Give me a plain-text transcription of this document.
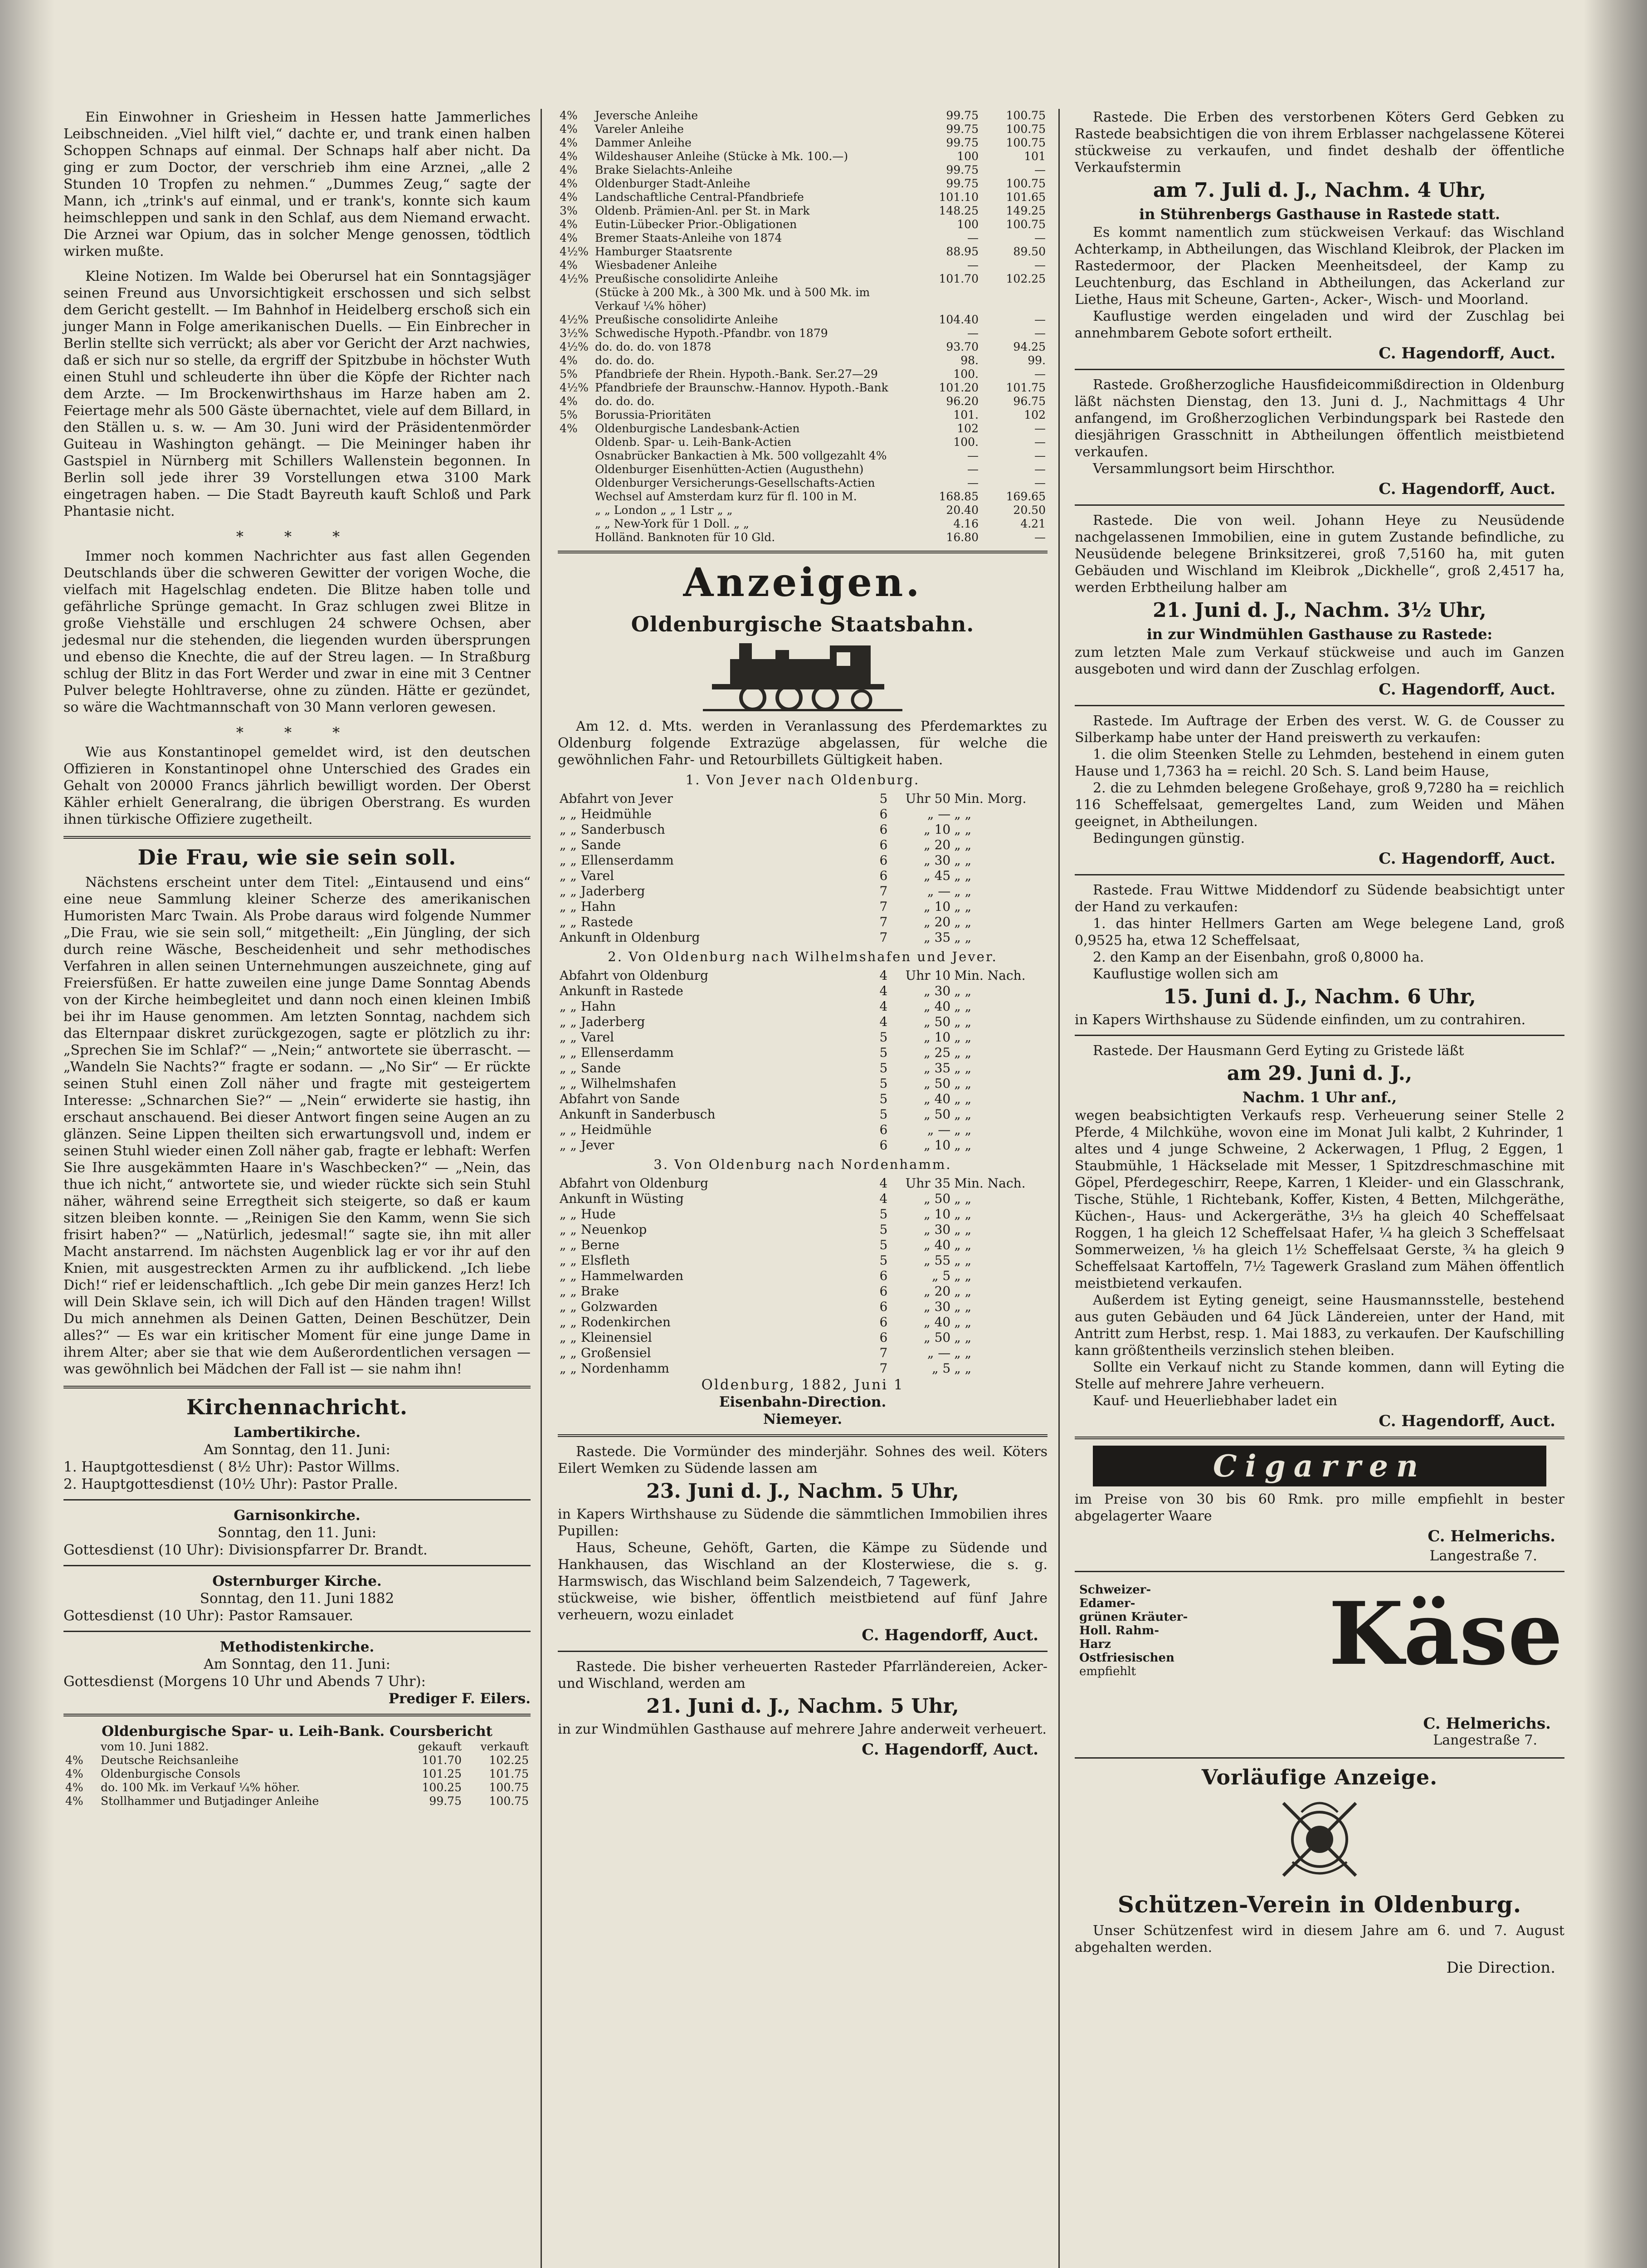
Ein Einwohner in Griesheim in Hessen hatte Jammerliches Leibschneiden. „Viel hilft viel,“ dachte er, und trank einen halben Schoppen Schnaps auf einmal. Der Schnaps half aber nicht. Da ging er zum Doctor, der verschrieb ihm eine Arznei, „alle 2 Stunden 10 Tropfen zu nehmen.“ „Dummes Zeug,“ sagte der Mann, ich „trink's auf einmal, und er trank's, konnte sich kaum heimschleppen und sank in den Schlaf, aus dem Niemand erwacht. Die Arznei war Opium, das in solcher Menge genossen, tödtlich wirken mußte.

Kleine Notizen. Im Walde bei Oberursel hat ein Sonntagsjäger seinen Freund aus Unvorsichtigkeit erschossen und sich selbst dem Gericht gestellt. — Im Bahnhof in Heidelberg erschoß sich ein junger Mann in Folge amerikanischen Duells. — Ein Einbrecher in Berlin stellte sich verrückt; als aber vor Gericht der Arzt nachwies, daß er sich nur so stelle, da ergriff der Spitzbube in höchster Wuth einen Stuhl und schleuderte ihn über die Köpfe der Richter nach dem Arzte. — Im Brockenwirthshaus im Harze haben am 2. Feiertage mehr als 500 Gäste übernachtet, viele auf dem Billard, in den Ställen u. s. w. — Am 30. Juni wird der Präsidentenmörder Guiteau in Washington gehängt. — Die Meininger haben ihr Gastspiel in Nürnberg mit Schillers Wallenstein begonnen. In Berlin soll jede ihrer 39 Vorstellungen etwa 3100 Mark eingetragen haben. — Die Stadt Bayreuth kauft Schloß und Park Phantasie nicht.

* * *

Immer noch kommen Nachrichter aus fast allen Gegenden Deutschlands über die schweren Gewitter der vorigen Woche, die vielfach mit Hagelschlag endeten. Die Blitze haben tolle und gefährliche Sprünge gemacht. In Graz schlugen zwei Blitze in große Viehställe und erschlugen 24 schwere Ochsen, aber jedesmal nur die stehenden, die liegenden wurden übersprungen und ebenso die Knechte, die auf der Streu lagen. — In Straßburg schlug der Blitz in das Fort Werder und zwar in eine mit 3 Centner Pulver belegte Hohltraverse, ohne zu zünden. Hätte er gezündet, so wäre die Wachtmannschaft von 30 Mann verloren gewesen.

* * *

Wie aus Konstantinopel gemeldet wird, ist den deutschen Offizieren in Konstantinopel ohne Unterschied des Grades ein Gehalt von 20000 Francs jährlich bewilligt worden. Der Oberst Kähler erhielt Generalrang, die übrigen Oberstrang. Es wurden ihnen türkische Offiziere zugetheilt.

Die Frau, wie sie sein soll.

Nächstens erscheint unter dem Titel: „Eintausend und eins“ eine neue Sammlung kleiner Scherze des amerikanischen Humoristen Marc Twain. Als Probe daraus wird folgende Nummer „Die Frau, wie sie sein soll,“ mitgetheilt: „Ein Jüngling, der sich durch reine Wäsche, Bescheidenheit und sehr methodisches Verfahren in allen seinen Unternehmungen auszeichnete, ging auf Freiersfüßen. Er hatte zuweilen eine junge Dame Sonntag Abends von der Kirche heimbegleitet und dann noch einen kleinen Imbiß bei ihr im Hause genommen. Am letzten Sonntag, nachdem sich das Elternpaar diskret zurückgezogen, sagte er plötzlich zu ihr: „Sprechen Sie im Schlaf?“ — „Nein;“ antwortete sie überrascht. — „Wandeln Sie Nachts?“ fragte er sodann. — „No Sir“ — Er rückte seinen Stuhl einen Zoll näher und fragte mit gesteigertem Interesse: „Schnarchen Sie?“ — „Nein“ erwiderte sie hastig, ihn erschaut anschauend. Bei dieser Antwort fingen seine Augen an zu glänzen. Seine Lippen theilten sich erwartungsvoll und, indem er seinen Stuhl wieder einen Zoll näher gab, fragte er lebhaft: Werfen Sie Ihre ausgekämmten Haare in's Waschbecken?“ — „Nein, das thue ich nicht,“ antwortete sie, und wieder rückte sich sein Stuhl näher, während seine Erregtheit sich steigerte, so daß er kaum sitzen bleiben konnte. — „Reinigen Sie den Kamm, wenn Sie sich frisirt haben?“ — „Natürlich, jedesmal!“ sagte sie, ihn mit aller Macht anstarrend. Im nächsten Augenblick lag er vor ihr auf den Knien, mit ausgestreckten Armen zu ihr aufblickend. „Ich liebe Dich!“ rief er leidenschaftlich. „Ich gebe Dir mein ganzes Herz! Ich will Dein Sklave sein, ich will Dich auf den Händen tragen! Willst Du mich annehmen als Deinen Gatten, Deinen Beschützer, Dein alles?“ — Es war ein kritischer Moment für eine junge Dame in ihrem Alter; aber sie that wie dem Außerordentlichen versagen — was gewöhnlich bei Mädchen der Fall ist — sie nahm ihn!

Kirchennachricht.

Lambertikirche.

Am Sonntag, den 11. Juni:

1. Hauptgottesdienst ( 8½ Uhr): Pastor Willms.

2. Hauptgottesdienst (10½ Uhr): Pastor Pralle.

Garnisonkirche.

Sonntag, den 11. Juni:

Gottesdienst (10 Uhr): Divisionspfarrer Dr. Brandt.

Osternburger Kirche.

Sonntag, den 11. Juni 1882

Gottesdienst (10 Uhr): Pastor Ramsauer.

Methodistenkirche.

Am Sonntag, den 11. Juni:

Gottesdienst (Morgens 10 Uhr und Abends 7 Uhr):

Prediger F. Eilers.

Oldenburgische Spar- u. Leih-Bank. Coursbericht

	vom 10. Juni 1882.	gekauft	verkauft
4%	Deutsche Reichsanleihe	101.70	102.25
4%	Oldenburgische Consols	101.25	101.75
4%	do. 100 Mk. im Verkauf ¼% höher.	100.25	100.75
4%	Stollhammer und Butjadinger Anleihe	99.75	100.75
4%	Jeversche Anleihe	99.75	100.75
4%	Vareler Anleihe	99.75	100.75
4%	Dammer Anleihe	99.75	100.75
4%	Wildeshauser Anleihe (Stücke à Mk. 100.—)	100	101
4%	Brake Sielachts-Anleihe	99.75	—
4%	Oldenburger Stadt-Anleihe	99.75	100.75
4%	Landschaftliche Central-Pfandbriefe	101.10	101.65
3%	Oldenb. Prämien-Anl. per St. in Mark	148.25	149.25
4%	Eutin-Lübecker Prior.-Obligationen	100	100.75
4%	Bremer Staats-Anleihe von 1874	—	—
4½%	Hamburger Staatsrente	88.95	89.50
4%	Wiesbadener Anleihe	—	—
4½%	Preußische consolidirte Anleihe	101.70	102.25
	(Stücke à 200 Mk., à 300 Mk. und à 500 Mk. im Verkauf ¼% höher)		
4½%	Preußische consolidirte Anleihe	104.40	—
3½%	Schwedische Hypoth.-Pfandbr. von 1879	—	—
4½%	do. do. do. von 1878	93.70	94.25
4%	do. do. do.	98.	99.
5%	Pfandbriefe der Rhein. Hypoth.-Bank. Ser.27—29	100.	—
4½%	Pfandbriefe der Braunschw.-Hannov. Hypoth.-Bank	101.20	101.75
4%	do. do. do.	96.20	96.75
5%	Borussia-Prioritäten	101.	102
4%	Oldenburgische Landesbank-Actien	102	—
	Oldenb. Spar- u. Leih-Bank-Actien	100.	—
	Osnabrücker Bankactien à Mk. 500 vollgezahlt 4%	—	—
	Oldenburger Eisenhütten-Actien (Augusthehn)	—	—
	Oldenburger Versicherungs-Gesellschafts-Actien	—	—
	Wechsel auf Amsterdam kurz für fl. 100 in M.	168.85	169.65
	„ „ London „ „ 1 Lstr „ „	20.40	20.50
	„ „ New-York für 1 Doll. „ „	4.16	4.21
	Holländ. Banknoten für 10 Gld.	16.80	—
Anzeigen.
Oldenburgische Staatsbahn.

Am 12. d. Mts. werden in Veranlassung des Pferdemarktes zu Oldenburg folgende Extrazüge abgelassen, für welche die gewöhnlichen Fahr- und Retourbillets Gültigkeit haben.

1. Von Jever nach Oldenburg.
Abfahrt von Jever	5	Uhr 50	Min. Morg.
„ „ Heidmühle	6	„ —	„ „
„ „ Sanderbusch	6	„ 10	„ „
„ „ Sande	6	„ 20	„ „
„ „ Ellenserdamm	6	„ 30	„ „
„ „ Varel	6	„ 45	„ „
„ „ Jaderberg	7	„ —	„ „
„ „ Hahn	7	„ 10	„ „
„ „ Rastede	7	„ 20	„ „
Ankunft in Oldenburg	7	„ 35	„ „
2. Von Oldenburg nach Wilhelmshafen und Jever.
Abfahrt von Oldenburg	4	Uhr 10	Min. Nach.
Ankunft in Rastede	4	„ 30	„ „
„ „ Hahn	4	„ 40	„ „
„ „ Jaderberg	4	„ 50	„ „
„ „ Varel	5	„ 10	„ „
„ „ Ellenserdamm	5	„ 25	„ „
„ „ Sande	5	„ 35	„ „
„ „ Wilhelmshafen	5	„ 50	„ „
Abfahrt von Sande	5	„ 40	„ „
Ankunft in Sanderbusch	5	„ 50	„ „
„ „ Heidmühle	6	„ —	„ „
„ „ Jever	6	„ 10	„ „
3. Von Oldenburg nach Nordenhamm.
Abfahrt von Oldenburg	4	Uhr 35	Min. Nach.
Ankunft in Wüsting	4	„ 50	„ „
„ „ Hude	5	„ 10	„ „
„ „ Neuenkop	5	„ 30	„ „
„ „ Berne	5	„ 40	„ „
„ „ Elsfleth	5	„ 55	„ „
„ „ Hammelwarden	6	„ 5	„ „
„ „ Brake	6	„ 20	„ „
„ „ Golzwarden	6	„ 30	„ „
„ „ Rodenkirchen	6	„ 40	„ „
„ „ Kleinensiel	6	„ 50	„ „
„ „ Großensiel	7	„ —	„ „
„ „ Nordenhamm	7	„ 5	„ „

Oldenburg, 1882, Juni 1

Eisenbahn-Direction.

Niemeyer.

Rastede. Die Vormünder des minderjähr. Sohnes des weil. Köters Eilert Wemken zu Südende lassen am

23. Juni d. J., Nachm. 5 Uhr,

in Kapers Wirthshause zu Südende die sämmtlichen Immobilien ihres Pupillen:

Haus, Scheune, Gehöft, Garten, die Kämpe zu Südende und Hankhausen, das Wischland an der Klosterwiese, die s. g. Harmswisch, das Wischland beim Salzendeich, 7 Tagewerk,

stückweise, wie bisher, öffentlich meistbietend auf fünf Jahre verheuern, wozu einladet

C. Hagendorff, Auct.

Rastede. Die bisher verheuerten Rasteder Pfarrländereien, Acker- und Wischland, werden am

21. Juni d. J., Nachm. 5 Uhr,

in zur Windmühlen Gasthause auf mehrere Jahre anderweit verheuert.

C. Hagendorff, Auct.

Rastede. Die Erben des verstorbenen Köters Gerd Gebken zu Rastede beabsichtigen die von ihrem Erblasser nachgelassene Köterei stückweise zu verkaufen, und findet deshalb der öffentliche Verkaufstermin

am 7. Juli d. J., Nachm. 4 Uhr,
in Stührenbergs Gasthause in Rastede statt.

Es kommt namentlich zum stückweisen Verkauf: das Wischland Achterkamp, in Abtheilungen, das Wischland Kleibrok, der Placken im Rastedermoor, der Placken Meenheitsdeel, der Kamp zu Leuchtenburg, das Eschland in Abtheilungen, das Ackerland zur Liethe, Haus mit Scheune, Garten-, Acker-, Wisch- und Moorland.

Kauflustige werden eingeladen und wird der Zuschlag bei annehmbarem Gebote sofort ertheilt.

C. Hagendorff, Auct.

Rastede. Großherzogliche Hausfideicommißdirection in Oldenburg läßt nächsten Dienstag, den 13. Juni d. J., Nachmittags 4 Uhr anfangend, im Großherzoglichen Verbindungspark bei Rastede den diesjährigen Grasschnitt in Abtheilungen öffentlich meistbietend verkaufen.

Versammlungsort beim Hirschthor.

C. Hagendorff, Auct.

Rastede. Die von weil. Johann Heye zu Neusüdende nachgelassenen Immobilien, eine in gutem Zustande befindliche, zu Neusüdende belegene Brinksitzerei, groß 7,5160 ha, mit guten Gebäuden und Wischland im Kleibrok „Dickhelle“, groß 2,4517 ha, werden Erbtheilung halber am

21. Juni d. J., Nachm. 3½ Uhr,
in zur Windmühlen Gasthause zu Rastede:

zum letzten Male zum Verkauf stückweise und auch im Ganzen ausgeboten und wird dann der Zuschlag erfolgen.

C. Hagendorff, Auct.

Rastede. Im Auftrage der Erben des verst. W. G. de Cousser zu Silberkamp habe unter der Hand preiswerth zu verkaufen:

1. die olim Steenken Stelle zu Lehmden, bestehend in einem guten Hause und 1,7363 ha = reichl. 20 Sch. S. Land beim Hause,

2. die zu Lehmden belegene Großehaye, groß 9,7280 ha = reichlich 116 Scheffelsaat, gemergeltes Land, zum Weiden und Mähen geeignet, in Abtheilungen.

Bedingungen günstig.

C. Hagendorff, Auct.

Rastede. Frau Wittwe Middendorf zu Südende beabsichtigt unter der Hand zu verkaufen:

1. das hinter Hellmers Garten am Wege belegene Land, groß 0,9525 ha, etwa 12 Scheffelsaat,

2. den Kamp an der Eisenbahn, groß 0,8000 ha.

Kauflustige wollen sich am

15. Juni d. J., Nachm. 6 Uhr,

in Kapers Wirthshause zu Südende einfinden, um zu contrahiren.

Rastede. Der Hausmann Gerd Eyting zu Gristede läßt

am 29. Juni d. J.,
Nachm. 1 Uhr anf.,

wegen beabsichtigten Verkaufs resp. Verheuerung seiner Stelle 2 Pferde, 4 Milchkühe, wovon eine im Monat Juli kalbt, 2 Kuhrinder, 1 altes und 4 junge Schweine, 2 Ackerwagen, 1 Pflug, 2 Eggen, 1 Staubmühle, 1 Häckselade mit Messer, 1 Spitzdreschmaschine mit Göpel, Pferdegeschirr, Reepe, Karren, 1 Kleider- und ein Glasschrank, Tische, Stühle, 1 Richtebank, Koffer, Kisten, 4 Betten, Milchgeräthe, Küchen-, Haus- und Ackergeräthe, 3⅓ ha gleich 40 Scheffelsaat Roggen, 1 ha gleich 12 Scheffelsaat Hafer, ¼ ha gleich 3 Scheffelsaat Sommerweizen, ⅛ ha gleich 1½ Scheffelsaat Gerste, ¾ ha gleich 9 Scheffelsaat Kartoffeln, 7½ Tagewerk Grasland zum Mähen öffentlich meistbietend verkaufen.

Außerdem ist Eyting geneigt, seine Hausmannsstelle, bestehend aus guten Gebäuden und 64 Jück Ländereien, unter der Hand, mit Antritt zum Herbst, resp. 1. Mai 1883, zu verkaufen. Der Kaufschilling kann größtentheils verzinslich stehen bleiben.

Sollte ein Verkauf nicht zu Stande kommen, dann will Eyting die Stelle auf mehrere Jahre verheuern.

Kauf- und Heuerliebhaber ladet ein

C. Hagendorff, Auct.
Cigarren

im Preise von 30 bis 60 Rmk. pro mille empfiehlt in bester abgelagerter Waare

C. Helmerichs.

Langestraße 7.

Schweizer-
Edamer-
grünen Kräuter-
Holl. Rahm-
Harz
Ostfriesischen
empfiehlt	Käse
C. Helmerichs.
Langestraße 7.
Vorläufige Anzeige.
Schützen-Verein in Oldenburg.

Unser Schützenfest wird in diesem Jahre am 6. und 7. August abgehalten werden.

Die Direction.
